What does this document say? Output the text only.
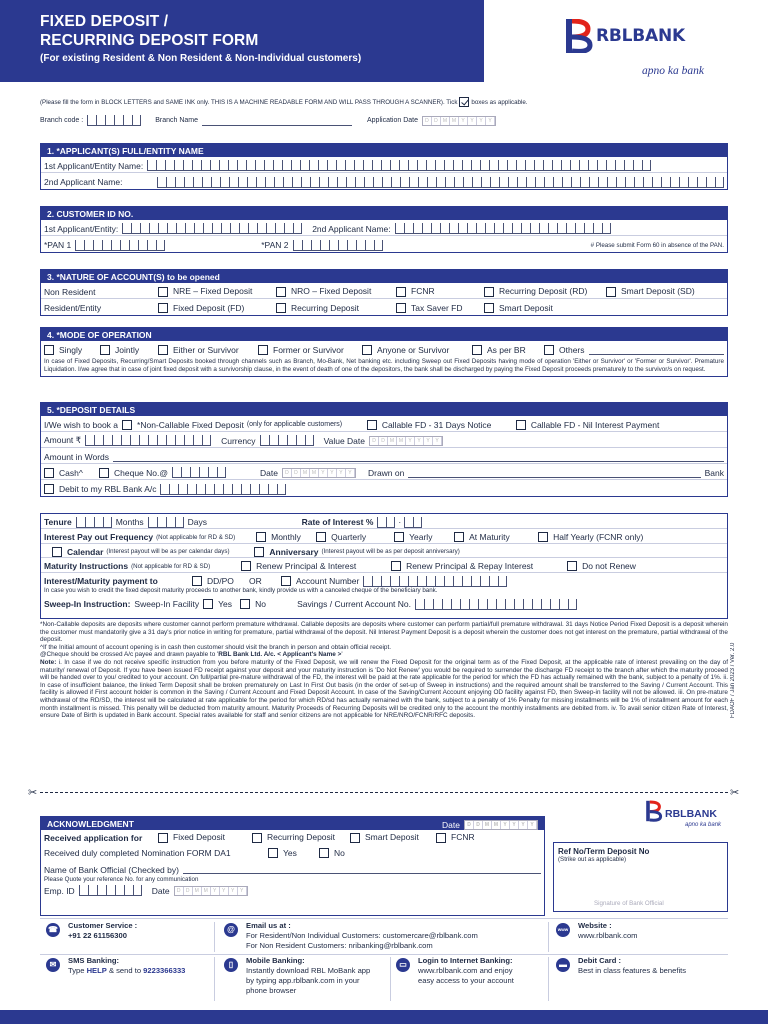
FIXED DEPOSIT /
RECURRING DEPOSIT FORM
(For existing Resident & Non Resident & Non-Individual customers)
RBLBANK
apno ka bank
(Please fill the form in BLOCK LETTERS and SAME INK only. THIS IS A MACHINE READABLE FORM AND WILL PASS THROUGH A SCANNER). Tick boxes as applicable.
Branch code :	Branch Name	Application Date	D	D	M M	Y	Y	Y	Y
1. *APPLICANT(S) FULL/ENTITY NAME
1st Applicant/Entity Name:
2nd Applicant Name:
2. CUSTOMER ID NO.
1st Applicant/Entity:	2nd Applicant Name:
*PAN 1	*PAN 2	# Please submit Form 60 in absence of the PAN.
3. *NATURE OF ACCOUNT(S) to be opened
Non Resident	NRE – Fixed Deposit	NRO – Fixed Deposit	FCNR	Recurring Deposit (RD)	Smart Deposit (SD)
Resident/Entity	Fixed Deposit (FD)	Recurring Deposit	Tax Saver FD	Smart Deposit
4. *MODE OF OPERATION
Singly	Jointly	Either or Survivor	Former or Survivor	Anyone or Survivor	As per BR	Others
In case of Fixed Deposits, Recurring/Smart Deposits booked through channels such as Branch, Mo-Bank, Net banking etc. including Sweep out Fixed Deposits having mode of operation 'Either or Survivor' or 'Former or Survivor'. Premature Liquidation. I/we agree that in case of joint fixed deposit with a survivorship clause, in the event of death of one of the depositors, the bank shall be discharged by paying the Fixed Deposit proceeds prematurely to the survivor/s on request.
5. *DEPOSIT DETAILS
I/We wish to book a *Non-Callable Fixed Deposit (only for applicable customers)	Callable FD - 31 Days Notice	Callable FD - Nil Interest Payment
Amount ₹	Currency	Value Date	D	D	M M	Y	Y	Y	Y
Amount in Words
Cash^	Cheque No.@	Date	D	D	M M	Y	Y	Y	Y	Drawn on	Bank
Debit to my RBL Bank A/c
Tenure	Months	Days	Rate of Interest %	·
Interest Pay out Frequency (Not applicable for RD & SD)	Monthly	Quarterly	Yearly	At Maturity	Half Yearly (FCNR only)
Calendar (Interest payout will be as per calendar days)	Anniversary (Interest payout will be as per deposit anniversary)
Maturity Instructions (Not applicable for RD & SD)	Renew Principal & Interest	Renew Principal & Repay Interest	Do not Renew
Interest/Maturity payment to	DD/PO	OR	Account Number
In case you wish to credit the fixed deposit maturity proceeds to another bank, kindly provide us with a canceled cheque of the beneficiary bank.
Sweep-In Instruction: Sweep-In Facility Yes	No	Savings / Current Account No.
*Non-Callable deposits are deposits where customer cannot perform premature withdrawal. Callable deposits are deposits where customer can perform partial/full premature withdrawal. 31 days Notice Period Fixed Deposit is a deposit wherein the customer must mandatorily give a 31 day's prior notice in writing for premature, partial withdrawal of the deposit. Nil Interest Payment Deposit is a deposit wherein the customer does not get interest on the premature, partial withdrawal of the deposit.
^If the Initial amount of account opening is in cash then customer should visit the branch in person and obtain official receipt.
@Cheque should be crossed A/c payee and drawn payable to 'RBL Bank Ltd. A/c. < Applicant's Name >'
Note: i. In case if we do not receive specific instruction from you before maturity of the Fixed Deposit, we will renew the Fixed Deposit for the original term as of the Fixed Deposit, at the applicable rate of interest prevailing on the day of maturity/ renewal of Deposit. If you have been issued FD receipt against your deposit and your maturity instruction is 'Do Not Renew' you would be required to surrender the discharge FD receipt to the branch after which the maturity proceed will be handed over to you/ credited to your account. On full/partial pre-mature withdrawal of the FD, the interest will be paid at the rate applicable for the period for which the FD has actually remained with the bank, subject to a penalty of 1%. ii. In case of insufficient balance, the linked Term Deposit shall be broken prematurely on Last In First Out basis (in the order of set-up of Sweep in instructions) and the required amount shall be transferred to the Saving / Current Account. This facility is allowed if First account holder is common in the Saving / Current Account and Fixed Deposit Account. In case of the Saving/Current Account enjoying OD facility against FD, then Sweep-in facility will not be allowed. iii. On pre-mature withdrawal of the RD/SD, the interest will be calculated at rate applicable for the period for which RD/sd has actually remained with the bank, subject to a penalty of 1% Penalty for missing installments will be 1% of installment amount for each month installment is missed. This penalty will be deducted from maturity amount. Maturity Proceeds of Recurring Deposits will be credited only to the account the monthly installments are debited from. iv. To avail senior citizen Rate of Interest, ensure Date of Birth is updated in Bank account. Special rates available for staff and senior citizens are not applicable for NRE/NRO/FCNR/RFC deposits.	FDAOF / Jan 2023 / Ver. 2.0
✂	✂
RBLBANK
apno ka bank
ACKNOWLEDGMENT	Date	D	D	M M	Y	Y	Y	Y
Received application for	Fixed Deposit	Recurring Deposit	Smart Deposit	FCNR
Received duly completed Nomination FORM DA1	Yes	No
Name of Bank Official (Checked by)
Please Quote your reference No. for any communication
Emp. ID	Date	D	D	M M	Y	Y	Y	Y
Ref No/Term Deposit No
(Strike out as applicable)
Signature of Bank Official
☎ Customer Service :
+91 22 61156300
@	Email us at :
For Resident/Non Individual Customers: customercare@rblbank.com
For Non Resident Customers: nribanking@rblbank.com
www Website :
www.rblbank.com
✉	SMS Banking:
Type HELP & send to 9223366333
▯	Mobile Banking:
Instantly download RBL MoBank app
by typing app.rblbank.com in your
phone browser
▭	Login to Internet Banking:
www.rblbank.com and enjoy
easy access to your account
▬	Debit Card :
Best in class features & benefits
